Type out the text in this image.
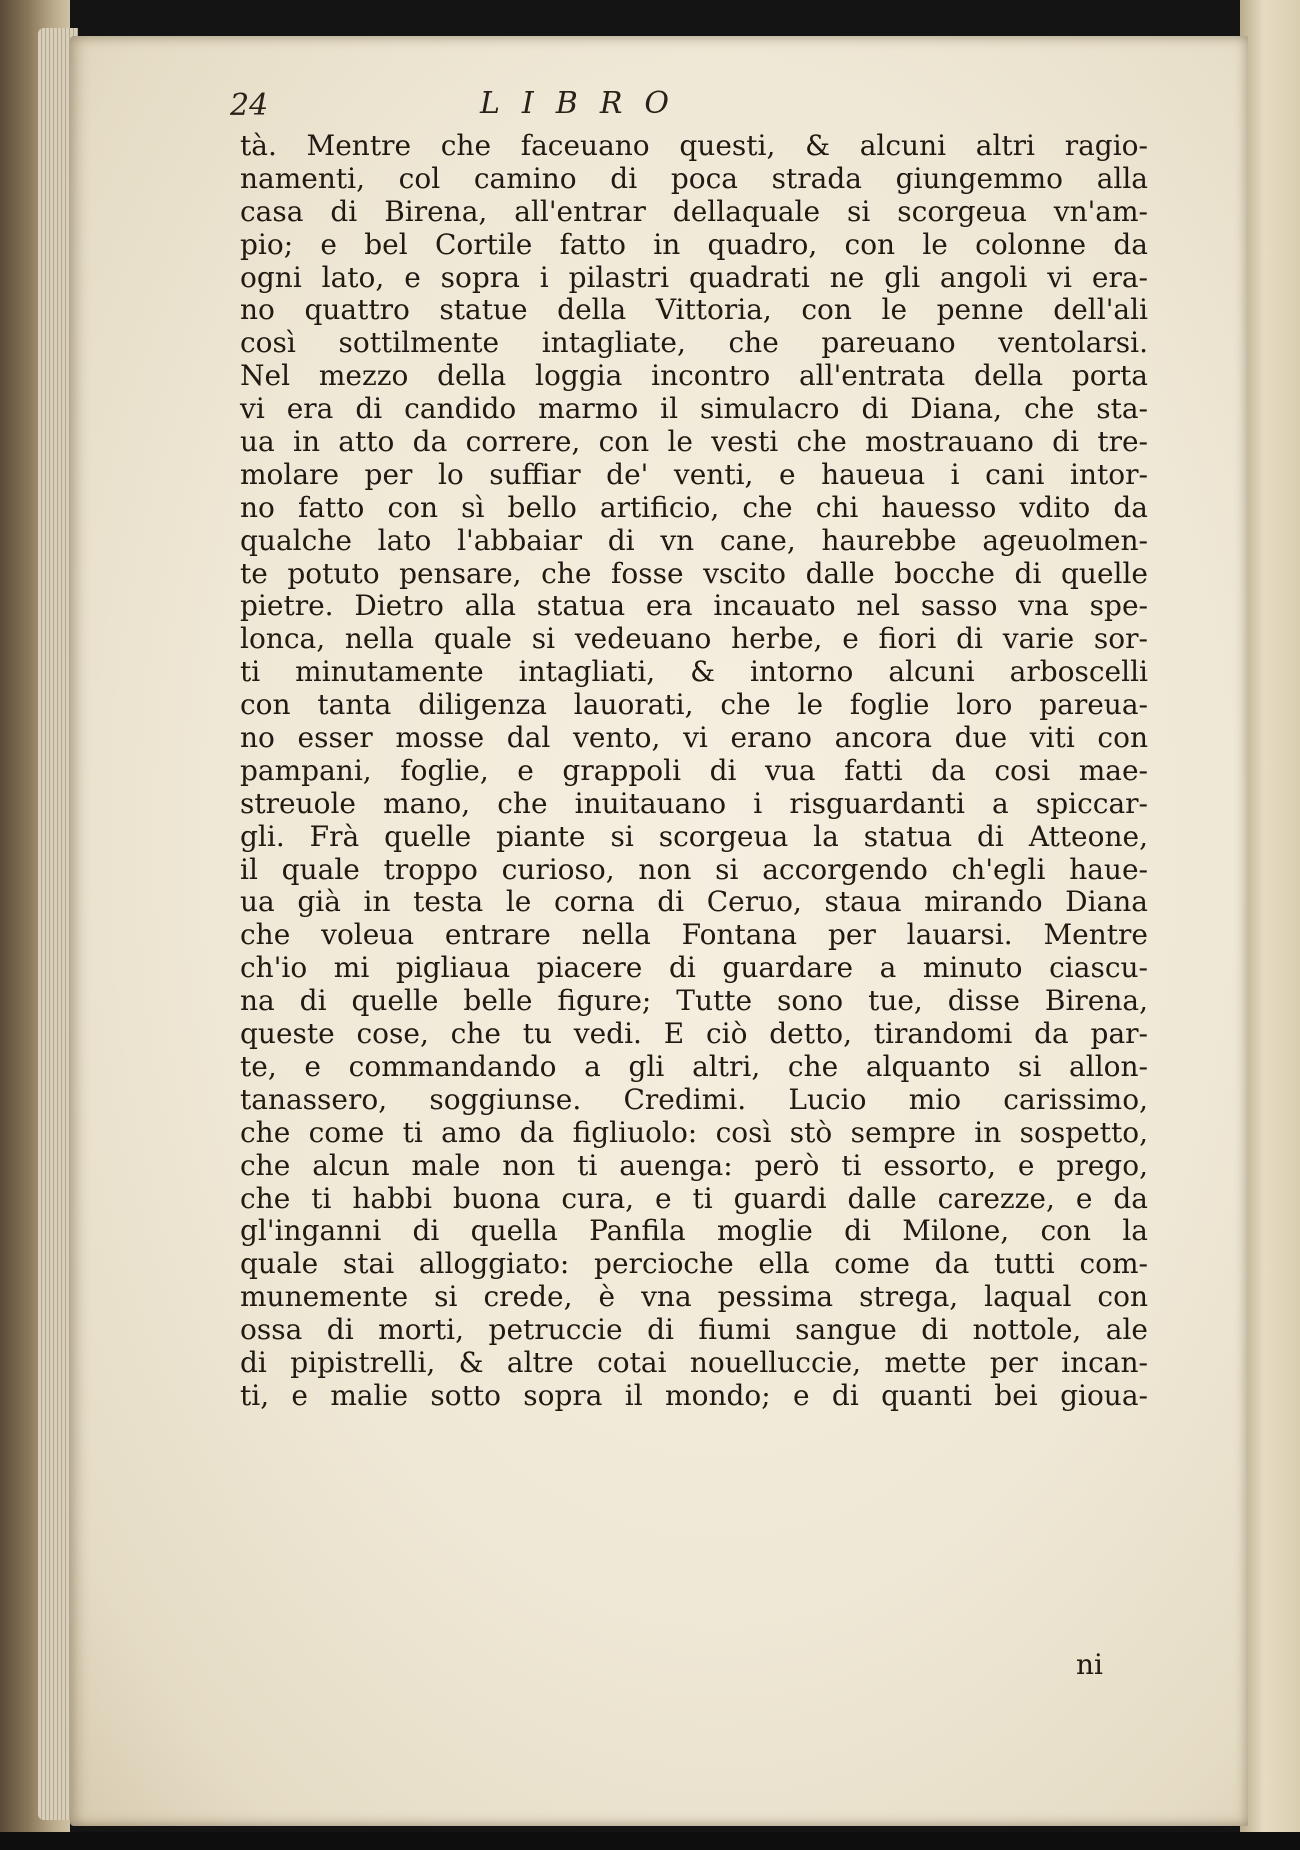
24	LIBRO
tà. Mentre che faceuano questi, & alcuni altri ragio-
namenti, col camino di poca strada giungemmo alla
casa di Birena, all'entrar dellaquale si scorgeua vn'am-
pio; e bel Cortile fatto in quadro, con le colonne da
ogni lato, e sopra i pilastri quadrati ne gli angoli vi era-
no quattro statue della Vittoria, con le penne dell'ali
così sottilmente intagliate, che pareuano ventolarsi.
Nel mezzo della loggia incontro all'entrata della porta
vi era di candido marmo il simulacro di Diana, che sta-
ua in atto da correre, con le vesti che mostrauano di tre-
molare per lo suffiar de' venti, e haueua i cani intor-
no fatto con sì bello artificio, che chi hauesso vdito da
qualche lato l'abbaiar di vn cane, haurebbe ageuolmen-
te potuto pensare, che fosse vscito dalle bocche di quelle
pietre. Dietro alla statua era incauato nel sasso vna spe-
lonca, nella quale si vedeuano herbe, e fiori di varie sor-
ti minutamente intagliati, & intorno alcuni arboscelli
con tanta diligenza lauorati, che le foglie loro pareua-
no esser mosse dal vento, vi erano ancora due viti con
pampani, foglie, e grappoli di vua fatti da cosi mae-
streuole mano, che inuitauano i risguardanti a spiccar-
gli. Frà quelle piante si scorgeua la statua di Atteone,
il quale troppo curioso, non si accorgendo ch'egli haue-
ua già in testa le corna di Ceruo, staua mirando Diana
che voleua entrare nella Fontana per lauarsi. Mentre
ch'io mi pigliaua piacere di guardare a minuto ciascu-
na di quelle belle figure; Tutte sono tue, disse Birena,
queste cose, che tu vedi. E ciò detto, tirandomi da par-
te, e commandando a gli altri, che alquanto si allon-
tanassero, soggiunse. Credimi. Lucio mio carissimo,
che come ti amo da figliuolo: così stò sempre in sospetto,
che alcun male non ti auenga: però ti essorto, e prego,
che ti habbi buona cura, e ti guardi dalle carezze, e da
gl'inganni di quella Panfila moglie di Milone, con la
quale stai alloggiato: percioche ella come da tutti com-
munemente si crede, è vna pessima strega, laqual con
ossa di morti, petruccie di fiumi sangue di nottole, ale
di pipistrelli, & altre cotai nouelluccie, mette per incan-
ti, e malie sotto sopra il mondo; e di quanti bei gioua-
ni
